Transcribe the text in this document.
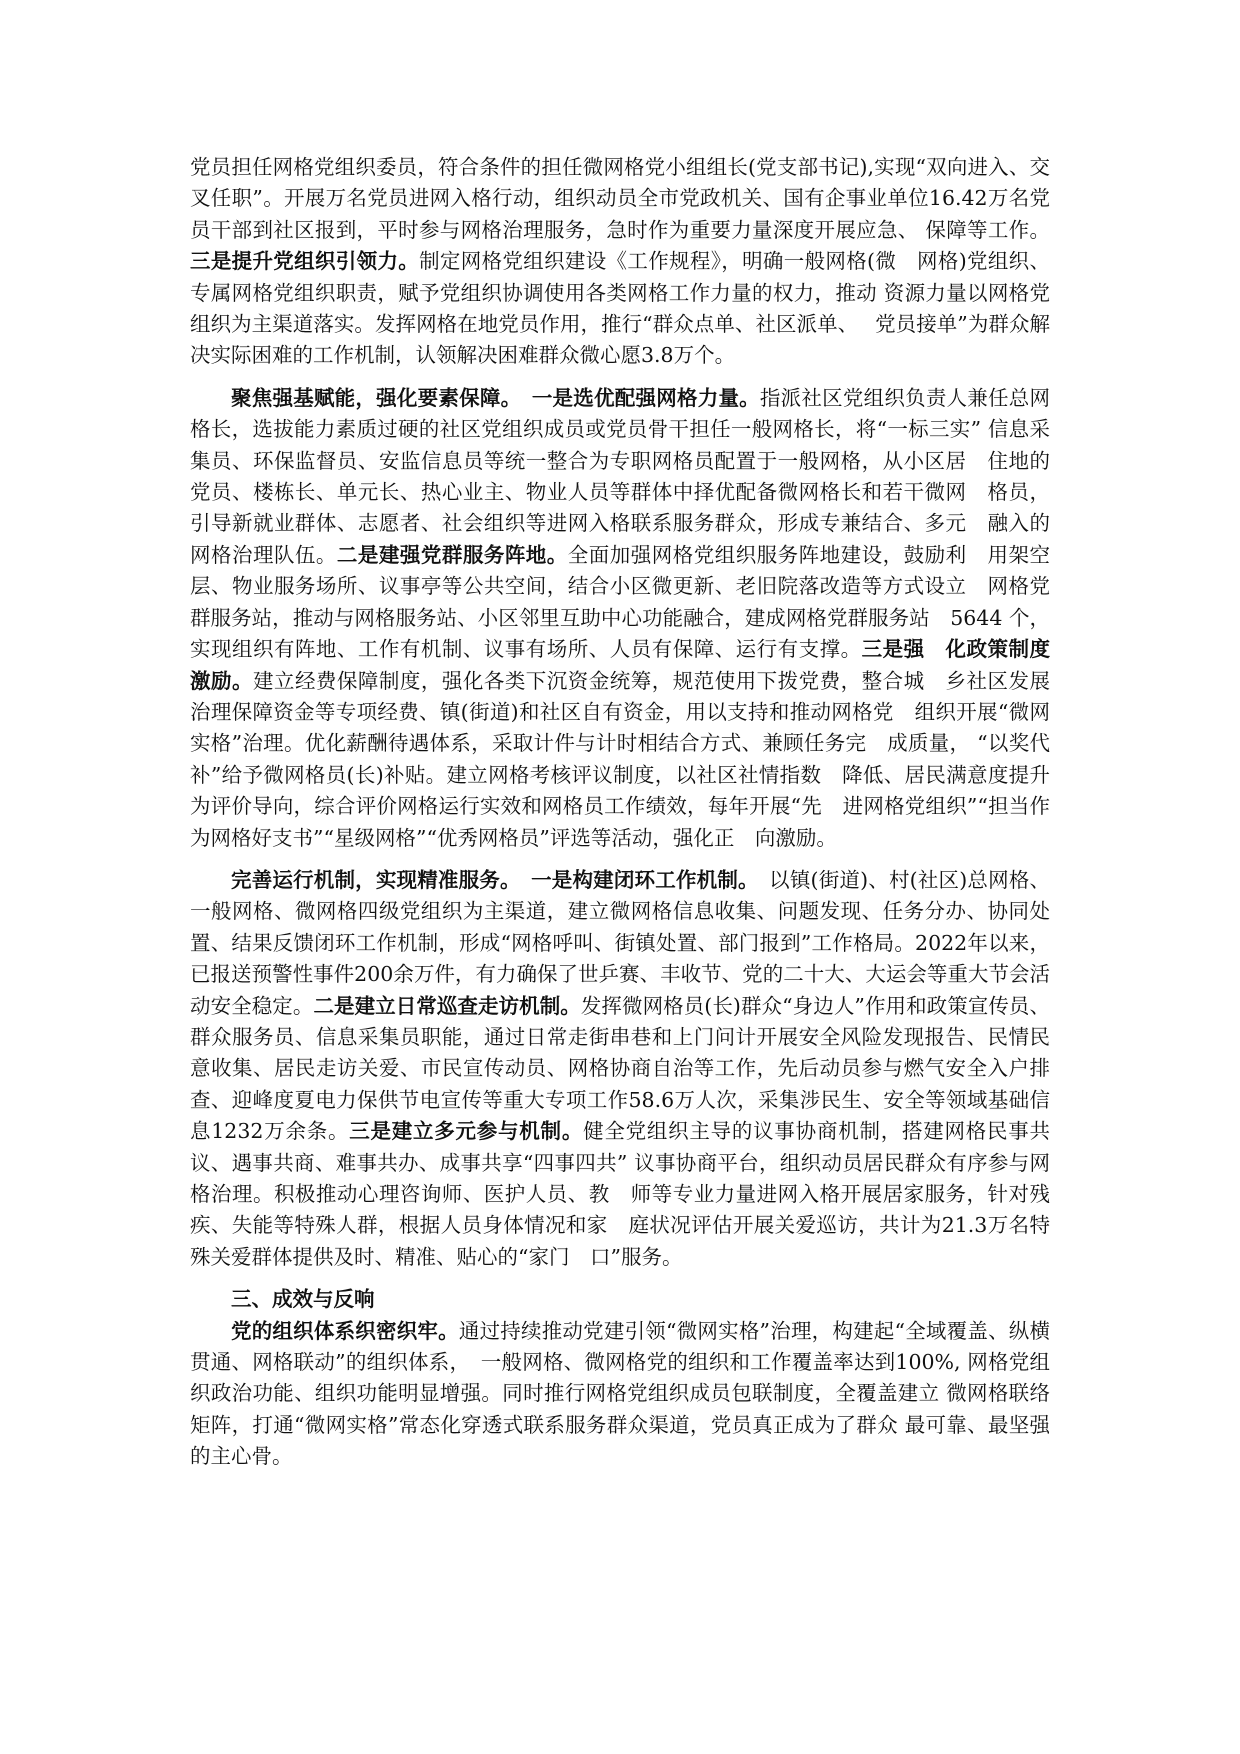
党员担任网格党组织委员，符合条件的担任微网格党小组组长(党支部书记),实现“双向进入、交叉任职”。开展万名党员进网入格行动，组织动员全市党政机关、国有企事业单位16.42万名党员干部到社区报到，平时参与网格治理服务，急时作为重要力量深度开展应急、 保障等工作。三是提升党组织引领力。制定网格党组织建设《工作规程》，明确一般网格(微　网格)党组织、专属网格党组织职责，赋予党组织协调使用各类网格工作力量的权力，推动 资源力量以网格党组织为主渠道落实。发挥网格在地党员作用，推行“群众点单、社区派单、　 党员接单”为群众解决实际困难的工作机制，认领解决困难群众微心愿3.8万个。

聚焦强基赋能，强化要素保障。　一是选优配强网格力量。指派社区党组织负责人兼任总网格长，选拔能力素质过硬的社区党组织成员或党员骨干担任一般网格长，将“一标三实” 信息采集员、环保监督员、安监信息员等统一整合为专职网格员配置于一般网格，从小区居　住地的党员、楼栋长、单元长、热心业主、物业人员等群体中择优配备微网格长和若干微网　格员，引导新就业群体、志愿者、社会组织等进网入格联系服务群众，形成专兼结合、多元　融入的网格治理队伍。二是建强党群服务阵地。全面加强网格党组织服务阵地建设，鼓励利　用架空层、物业服务场所、议事亭等公共空间，结合小区微更新、老旧院落改造等方式设立　网格党群服务站，推动与网格服务站、小区邻里互助中心功能融合，建成网格党群服务站　5644 个，实现组织有阵地、工作有机制、议事有场所、人员有保障、运行有支撑。三是强　化政策制度激励。建立经费保障制度，强化各类下沉资金统筹，规范使用下拨党费，整合城　乡社区发展治理保障资金等专项经费、镇(街道)和社区自有资金，用以支持和推动网格党　组织开展“微网实格”治理。优化薪酬待遇体系，采取计件与计时相结合方式、兼顾任务完　成质量， “以奖代补”给予微网格员(长)补贴。建立网格考核评议制度，以社区社情指数　降低、居民满意度提升为评价导向，综合评价网格运行实效和网格员工作绩效，每年开展“先　进网格党组织”“担当作为网格好支书”“星级网格”“优秀网格员”评选等活动，强化正　向激励。

完善运行机制，实现精准服务。　一是构建闭环工作机制。　以镇(街道)、村(社区)总网格、 一般网格、微网格四级党组织为主渠道，建立微网格信息收集、问题发现、任务分办、协同处置、结果反馈闭环工作机制，形成“网格呼叫、街镇处置、部门报到”工作格局。2022年以来，已报送预警性事件200余万件，有力确保了世乒赛、丰收节、党的二十大、大运会等重大节会活动安全稳定。二是建立日常巡查走访机制。发挥微网格员(长)群众“身边人”作用和政策宣传员、群众服务员、信息采集员职能，通过日常走街串巷和上门问计开展安全风险发现报告、民情民意收集、居民走访关爱、市民宣传动员、网格协商自治等工作，先后动员参与燃气安全入户排查、迎峰度夏电力保供节电宣传等重大专项工作58.6万人次，采集涉民生、安全等领域基础信息1232万余条。三是建立多元参与机制。健全党组织主导的议事协商机制，搭建网格民事共议、遇事共商、难事共办、成事共享“四事四共” 议事协商平台，组织动员居民群众有序参与网格治理。积极推动心理咨询师、医护人员、教　师等专业力量进网入格开展居家服务，针对残疾、失能等特殊人群，根据人员身体情况和家　庭状况评估开展关爱巡访，共计为21.3万名特殊关爱群体提供及时、精准、贴心的“家门　口”服务。

三、成效与反响

党的组织体系织密织牢。通过持续推动党建引领“微网实格”治理，构建起“全域覆盖、纵横贯通、网格联动”的组织体系，　一般网格、微网格党的组织和工作覆盖率达到100%, 网格党组织政治功能、组织功能明显增强。同时推行网格党组织成员包联制度，全覆盖建立 微网格联络矩阵，打通“微网实格”常态化穿透式联系服务群众渠道，党员真正成为了群众 最可靠、最坚强的主心骨。
